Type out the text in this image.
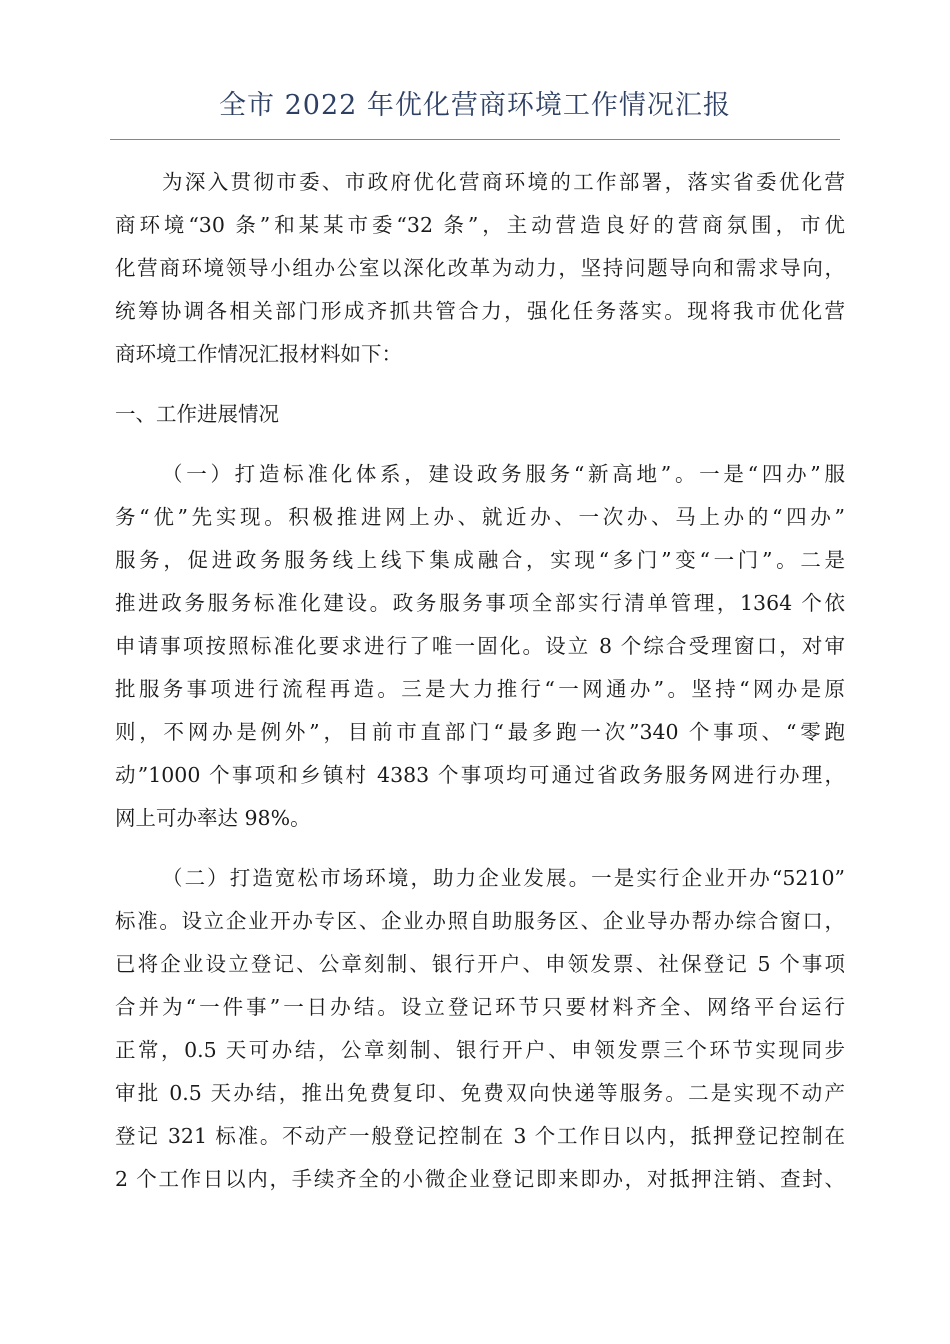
全市 2022 年优化营商环境工作情况汇报
为深入贯彻市委、市政府优化营商环境的工作部署，落实省委优化营
商环境“30 条”和某某市委“32 条”，主动营造良好的营商氛围，市优
化营商环境领导小组办公室以深化改革为动力，坚持问题导向和需求导向，
统筹协调各相关部门形成齐抓共管合力，强化任务落实。现将我市优化营
商环境工作情况汇报材料如下：
一、工作进展情况
（一）打造标准化体系，建设政务服务“新高地”。一是“四办”服
务“优”先实现。积极推进网上办、就近办、一次办、马上办的“四办”
服务，促进政务服务线上线下集成融合，实现“多门”变“一门”。二是
推进政务服务标准化建设。政务服务事项全部实行清单管理，1364 个依
申请事项按照标准化要求进行了唯一固化。设立 8 个综合受理窗口，对审
批服务事项进行流程再造。三是大力推行“一网通办”。坚持“网办是原
则，不网办是例外”，目前市直部门“最多跑一次”340 个事项、“零跑
动”1000 个事项和乡镇村 4383 个事项均可通过省政务服务网进行办理，
网上可办率达 98%。
（二）打造宽松市场环境，助力企业发展。一是实行企业开办“5210”
标准。设立企业开办专区、企业办照自助服务区、企业导办帮办综合窗口，
已将企业设立登记、公章刻制、银行开户、申领发票、社保登记 5 个事项
合并为“一件事”一日办结。设立登记环节只要材料齐全、网络平台运行
正常，0.5 天可办结，公章刻制、银行开户、申领发票三个环节实现同步
审批 0.5 天办结，推出免费复印、免费双向快递等服务。二是实现不动产
登记 321 标准。不动产一般登记控制在 3 个工作日以内，抵押登记控制在
2 个工作日以内，手续齐全的小微企业登记即来即办，对抵押注销、查封、
